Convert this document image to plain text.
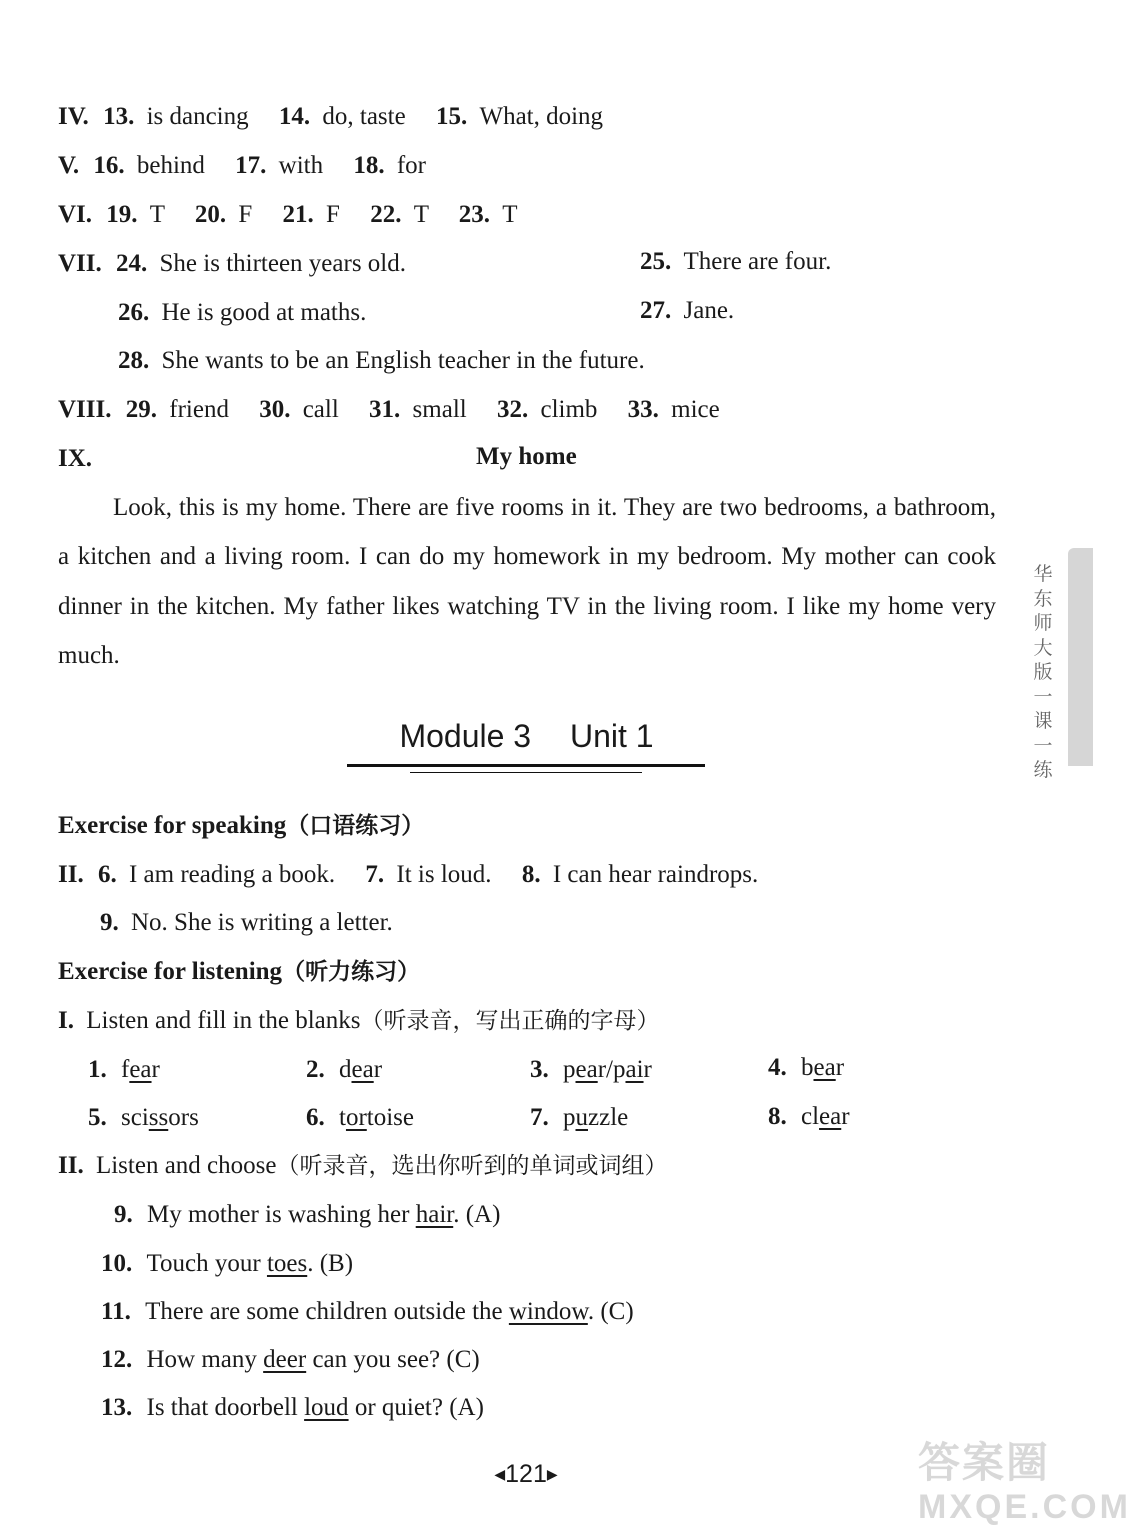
IV. 13. is dancing 14. do, taste 15. What, doing
V. 16. behind 17. with 18. for
VI. 19. T 20. F 21. F 22. T 23. T
VII. 24. She is thirteen years old.	25. There are four.
26. He is good at maths.	27. Jane.
28. She wants to be an English teacher in the future.
VIII. 29. friend 30. call 31. small 32. climb 33. mice
IX.	My home
Look, this is my home. There are five rooms in it. They are two bedrooms, a bathroom, a kitchen and a living room. I can do my homework in my bedroom. My mother can cook dinner in the kitchen. My father likes watching TV in the living room. I like my home very much.
Module 3 Unit 1
Exercise for speaking（口语练习）
II. 6. I am reading a book. 7. It is loud. 8. I can hear raindrops.
9. No. She is writing a letter.
Exercise for listening（听力练习）
I. Listen and fill in the blanks（听录音，写出正确的字母）
1. fear	2. dear	3. pear/pair	4. bear
5. scissors	6. tortoise	7. puzzle	8. clear
II. Listen and choose（听录音，选出你听到的单词或词组）
9. My mother is washing her hair. (A)
10. Touch your toes. (B)
11. There are some children outside the window. (C)
12. How many deer can you see? (C)
13. Is that doorbell loud or quiet? (A)
华东师大版一课一练
◀121▶	答案圈
MXQE.COM
